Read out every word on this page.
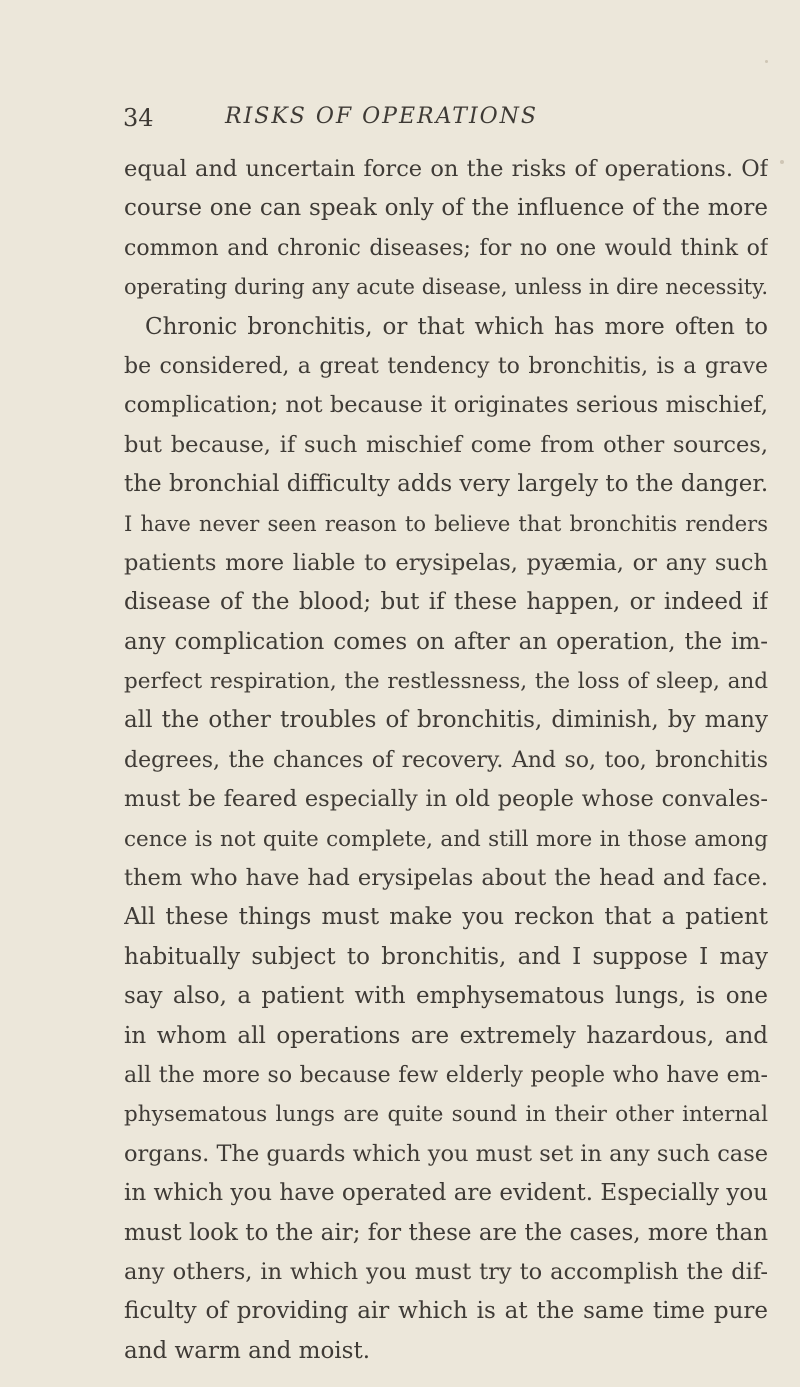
34	RISKS OF OPERATIONS
equal and uncertain force on the risks of operations. Of
course one can speak only of the influence of the more
common and chronic diseases; for no one would think of
operating during any acute disease, unless in dire necessity.
Chronic bronchitis, or that which has more often to
be considered, a great tendency to bronchitis, is a grave
complication; not because it originates serious mischief,
but because, if such mischief come from other sources,
the bronchial difficulty adds very largely to the danger.
I have never seen reason to believe that bronchitis renders
patients more liable to erysipelas, pyæmia, or any such
disease of the blood; but if these happen, or indeed if
any complication comes on after an operation, the im-
perfect respiration, the restlessness, the loss of sleep, and
all the other troubles of bronchitis, diminish, by many
degrees, the chances of recovery. And so, too, bronchitis
must be feared especially in old people whose convales-
cence is not quite complete, and still more in those among
them who have had erysipelas about the head and face.
All these things must make you reckon that a patient
habitually subject to bronchitis, and I suppose I may
say also, a patient with emphysematous lungs, is one
in whom all operations are extremely hazardous, and
all the more so because few elderly people who have em-
physematous lungs are quite sound in their other internal
organs. The guards which you must set in any such case
in which you have operated are evident. Especially you
must look to the air; for these are the cases, more than
any others, in which you must try to accomplish the dif-
ficulty of providing air which is at the same time pure
and warm and moist.
